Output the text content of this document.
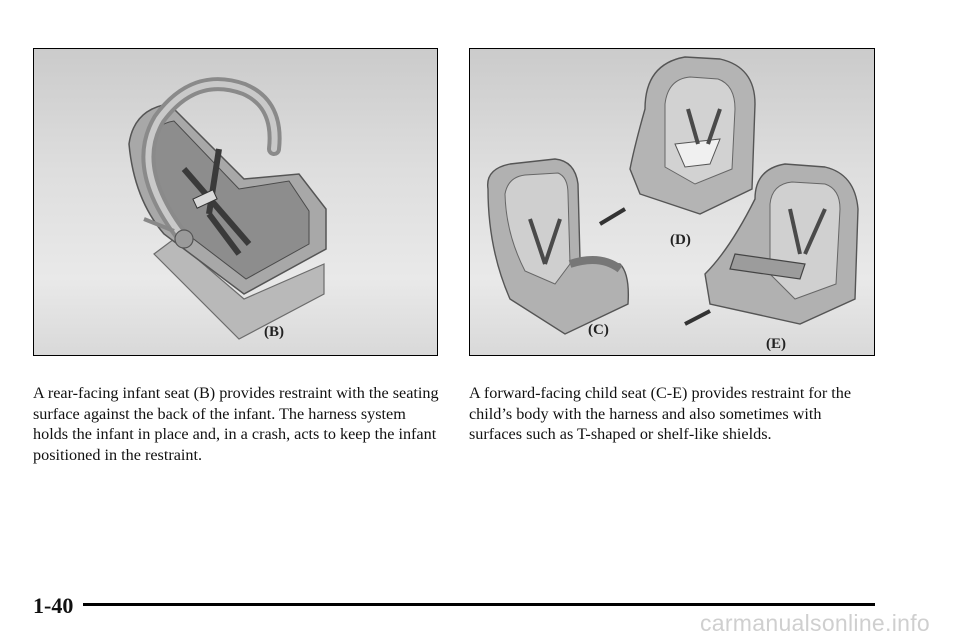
(B)
(D)
(C)
(E)

A rear-facing infant seat (B) provides restraint with the seating surface against the back of the infant. The harness system holds the infant in place and, in a crash, acts to keep the infant positioned in the restraint.

A forward-facing child seat (C-E) provides restraint for the child’s body with the harness and also sometimes with surfaces such as T-shaped or shelf-like shields.

1-40
carmanualsonline.info
